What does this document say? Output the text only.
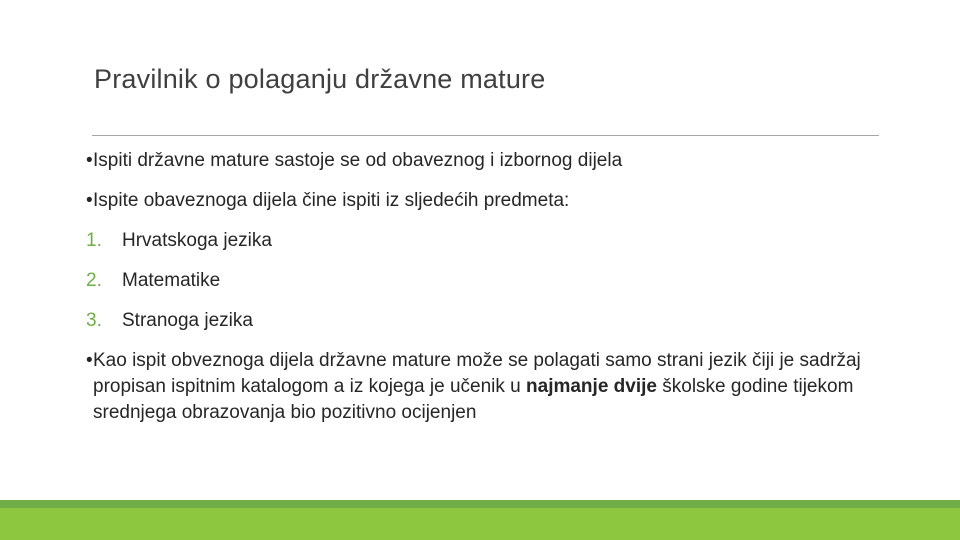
Pravilnik o polaganju državne mature
• Ispiti državne mature sastoje se od obaveznog i izbornog dijela
• Ispite obaveznoga dijela čine ispiti iz sljedećih predmeta:
1. Hrvatskoga jezika
2. Matematike
3. Stranoga jezika
• Kao ispit obveznoga dijela državne mature može se polagati samo strani jezik čiji je sadržaj propisan ispitnim katalogom a iz kojega je učenik u najmanje dvije školske godine tijekom srednjega obrazovanja bio pozitivno ocijenjen
